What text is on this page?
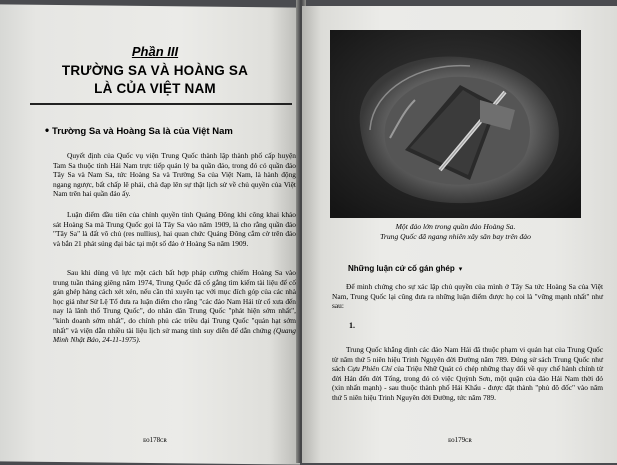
Phần III
TRƯỜNG SA VÀ HOÀNG SA
LÀ CỦA VIỆT NAM
• Trường Sa và Hoàng Sa là của Việt Nam

Quyết định của Quốc vụ viện Trung Quốc thành lập thành phố cấp huyện Tam Sa thuộc tỉnh Hải Nam trực tiếp quản lý ba quần đảo, trong đó có quần đảo Tây Sa và Nam Sa, tức Hoàng Sa và Trường Sa của Việt Nam, là hành động ngang ngược, bất chấp lẽ phải, chà đạp lên sự thật lịch sử về chủ quyền của Việt Nam trên hai quần đảo ấy.

Luận điểm đầu tiên của chính quyền tỉnh Quảng Đông khi công khai khảo sát Hoàng Sa mà Trung Quốc gọi là Tây Sa vào năm 1909, là cho rằng quần đảo "Tây Sa" là đất vô chủ (res nullius), hai quan chức Quảng Đông cắm cờ trên đảo và bắn 21 phát súng đại bác tại một số đảo ở Hoàng Sa năm 1909.

Sau khi dùng vũ lực một cách bất hợp pháp cưỡng chiếm Hoàng Sa vào trung tuần tháng giêng năm 1974, Trung Quốc đã cố gắng tìm kiếm tài liệu để cố gán ghép hàng cách xét xén, nếu cần thì xuyên tạc với mục đích góp của các nhà học giả như Sử Lệ Tổ đưa ra luận điểm cho rằng "các đảo Nam Hải từ cổ xưa đến nay là lãnh thổ Trung Quốc", do nhân dân Trung Quốc "phát hiện sớm nhất", "kinh doanh sớm nhất", do chính phủ các triều đại Trung Quốc "quản hạt sớm nhất" và viện dẫn nhiều tài liệu lịch sử mang tính suy diễn để dẫn chứng (Quang Minh Nhật Báo, 24-11-1975).

ᴇᴏ178ᴄʀ
Một đảo lớn trong quần đảo Hoàng Sa.
Trung Quốc đã ngang nhiên xây sân bay trên đảo
Những luận cứ cố gán ghép ▾

Để minh chứng cho sự xác lập chủ quyền của mình ở Tây Sa tức Hoàng Sa của Việt Nam, Trung Quốc lại cũng đưa ra những luận điểm được họ coi là "vững mạnh nhất" như sau:

1.

Trung Quốc khẳng định các đảo Nam Hải đã thuộc phạm vi quản hạt của Trung Quốc từ năm thứ 5 niên hiệu Trinh Nguyên đời Đường năm 789. Đúng sử sách Trung Quốc như sách Cựu Phiên Chí của Triệu Nhữ Quát có chép những thay đổi về quy chế hành chính từ đời Hán đến đời Tống, trong đó có việc Quỳnh Sơn, một quận của đảo Hải Nam thời đó (xin nhấn mạnh) - sau thuộc thành phố Hải Khẩu - được đặt thành "phủ đô đốc" vào năm thứ 5 niên hiệu Trinh Nguyên đời Đường, tức năm 789.

ᴇᴏ179ᴄʀ
